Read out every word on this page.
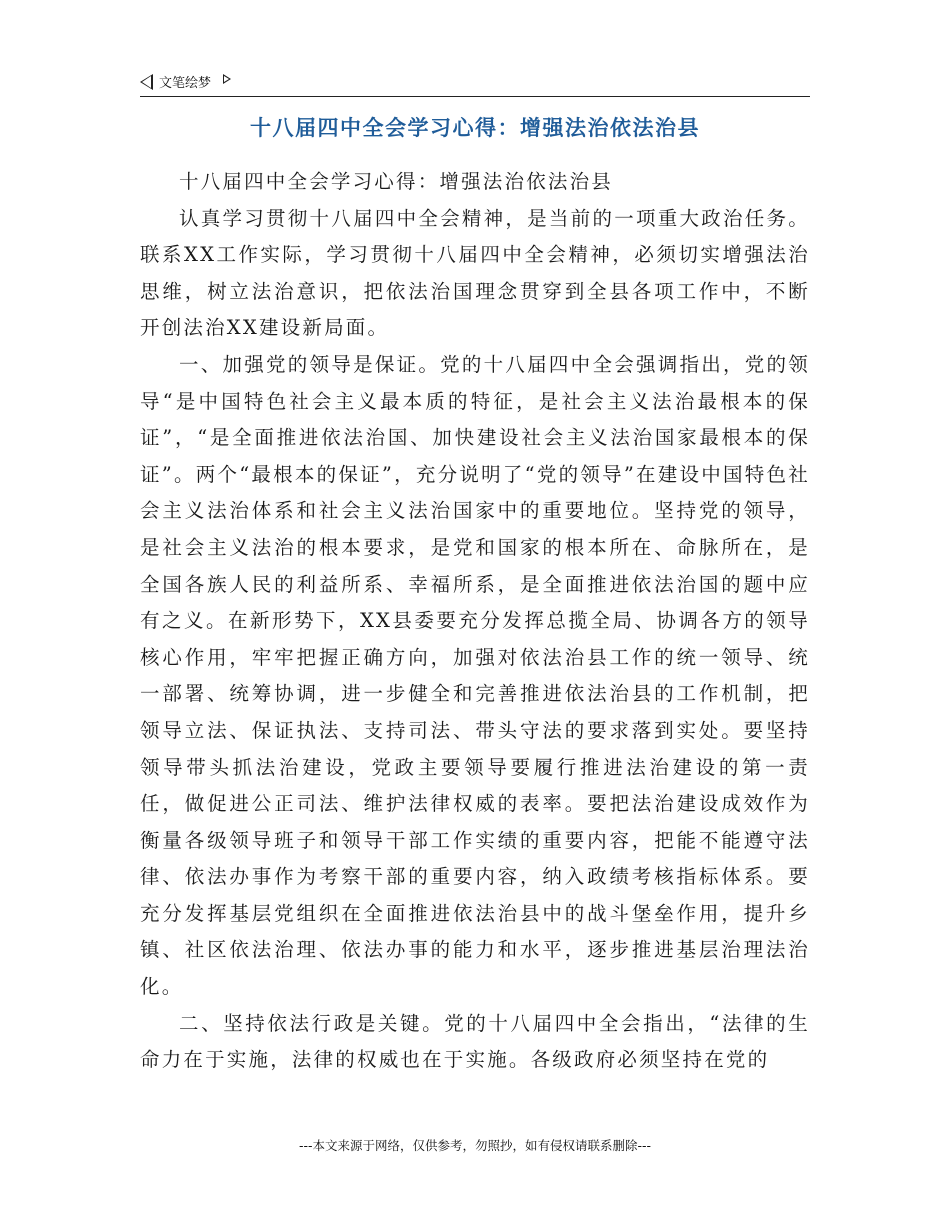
文笔绘梦
十八届四中全会学习心得：增强法治依法治县

十八届四中全会学习心得：增强法治依法治县

认真学习贯彻十八届四中全会精神，是当前的一项重大政治任务。联系XX工作实际，学习贯彻十八届四中全会精神，必须切实增强法治思维，树立法治意识，把依法治国理念贯穿到全县各项工作中，不断开创法治XX建设新局面。

一、加强党的领导是保证。党的十八届四中全会强调指出，党的领导“是中国特色社会主义最本质的特征，是社会主义法治最根本的保证”，“是全面推进依法治国、加快建设社会主义法治国家最根本的保证”。两个“最根本的保证”，充分说明了“党的领导”在建设中国特色社会主义法治体系和社会主义法治国家中的重要地位。坚持党的领导，是社会主义法治的根本要求，是党和国家的根本所在、命脉所在，是全国各族人民的利益所系、幸福所系，是全面推进依法治国的题中应有之义。在新形势下，XX县委要充分发挥总揽全局、协调各方的领导核心作用，牢牢把握正确方向，加强对依法治县工作的统一领导、统一部署、统筹协调，进一步健全和完善推进依法治县的工作机制，把领导立法、保证执法、支持司法、带头守法的要求落到实处。要坚持领导带头抓法治建设，党政主要领导要履行推进法治建设的第一责任，做促进公正司法、维护法律权威的表率。要把法治建设成效作为衡量各级领导班子和领导干部工作实绩的重要内容，把能不能遵守法律、依法办事作为考察干部的重要内容，纳入政绩考核指标体系。要充分发挥基层党组织在全面推进依法治县中的战斗堡垒作用，提升乡镇、社区依法治理、依法办事的能力和水平，逐步推进基层治理法治化。

二、坚持依法行政是关键。党的十八届四中全会指出，“法律的生命力在于实施，法律的权威也在于实施。各级政府必须坚持在党的

---本文来源于网络，仅供参考，勿照抄，如有侵权请联系删除---
